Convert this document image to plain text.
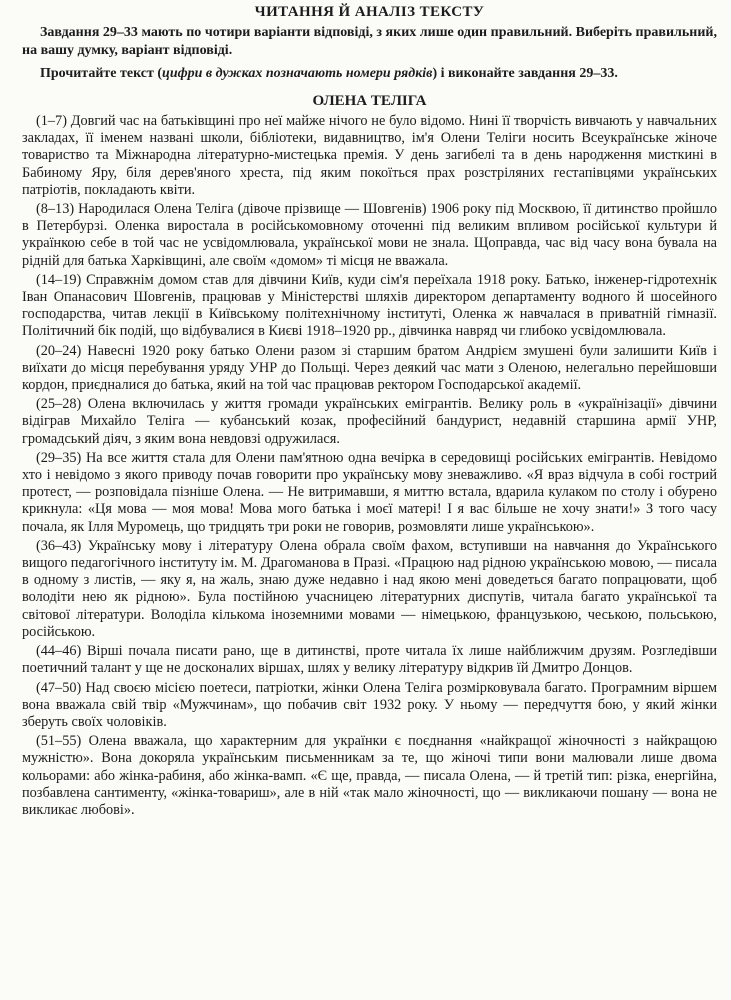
ЧИТАННЯ Й АНАЛІЗ ТЕКСТУ

Завдання 29–33 мають по чотири варіанти відповіді, з яких лише один правильний. Виберіть правильний, на вашу думку, варіант відповіді.

Прочитайте текст (цифри в дужках позначають номери рядків) і виконайте завдання 29–33.

ОЛЕНА ТЕЛІГА

(1–7) Довгий час на батьківщині про неї майже нічого не було відомо. Нині її творчість вивчають у навчальних закладах, її іменем названі школи, бібліотеки, видавництво, ім'я Олени Теліги носить Всеукраїнське жіноче товариство та Міжнародна літературно-мистецька премія. У день загибелі та в день народження мисткині в Бабиному Яру, біля дерев'яного хреста, під яким покоїться прах розстріляних гестапівцями українських патріотів, покладають квіти.

(8–13) Народилася Олена Теліга (дівоче прізвище — Шовгенів) 1906 року під Москвою, її дитинство пройшло в Петербурзі. Оленка виростала в російськомовному оточенні під великим впливом російської культури й українкою себе в той час не усвідомлювала, української мови не знала. Щоправда, час від часу вона бувала на рідній для батька Харківщині, але своїм «домом» ті місця не вважала.

(14–19) Справжнім домом став для дівчини Київ, куди сім'я переїхала 1918 року. Батько, інженер-гідротехнік Іван Опанасович Шовгенів, працював у Міністерстві шляхів директором департаменту водного й шосейного господарства, читав лекції в Київському політехнічному інституті, Оленка ж навчалася в приватній гімназії. Політичний бік подій, що відбувалися в Києві 1918–1920 рр., дівчинка навряд чи глибоко усвідомлювала.

(20–24) Навесні 1920 року батько Олени разом зі старшим братом Андрієм змушені були залишити Київ і виїхати до місця перебування уряду УНР до Польщі. Через деякий час мати з Оленою, нелегально перейшовши кордон, приєдналися до батька, який на той час працював ректором Господарської академії.

(25–28) Олена включилась у життя громади українських емігрантів. Велику роль в «українізації» дівчини відіграв Михайло Теліга — кубанський козак, професійний бандурист, недавній старшина армії УНР, громадський діяч, з яким вона невдовзі одружилася.

(29–35) На все життя стала для Олени пам'ятною одна вечірка в середовищі російських емігрантів. Невідомо хто і невідомо з якого приводу почав говорити про українську мову зневажливо. «Я враз відчула в собі гострий протест, — розповідала пізніше Олена. — Не витримавши, я миттю встала, вдарила кулаком по столу і обурено крикнула: «Ця мова — моя мова! Мова мого батька і моєї матері! І я вас більше не хочу знати!» З того часу почала, як Ілля Муромець, що тридцять три роки не говорив, розмовляти лише українською».

(36–43) Українську мову і літературу Олена обрала своїм фахом, вступивши на навчання до Українського вищого педагогічного інституту ім. М. Драгоманова в Празі. «Працюю над рідною українською мовою, — писала в одному з листів, — яку я, на жаль, знаю дуже недавно і над якою мені доведеться багато попрацювати, щоб володіти нею як рідною». Була постійною учасницею літературних диспутів, читала багато української та світової літератури. Володіла кількома іноземними мовами — німецькою, французькою, чеською, польською, російською.

(44–46) Вірші почала писати рано, ще в дитинстві, проте читала їх лише найближчим друзям. Розгледівши поетичний талант у ще не досконалих віршах, шлях у велику літературу відкрив їй Дмитро Донцов.

(47–50) Над своєю місією поетеси, патріотки, жінки Олена Теліга розмірковувала багато. Програмним віршем вона вважала свій твір «Мужчинам», що побачив світ 1932 року. У ньому — передчуття бою, у який жінки зберуть своїх чоловіків.

(51–55) Олена вважала, що характерним для українки є поєднання «найкращої жіночності з найкращою мужністю». Вона докоряла українським письменникам за те, що жіночі типи вони малювали лише двома кольорами: або жінка-рабиня, або жінка-вамп. «Є ще, правда, — писала Олена, — й третій тип: різка, енергійна, позбавлена сантименту, «жінка-товариш», але в ній «так мало жіночності, що — викликаючи пошану — вона не викликає любові».
